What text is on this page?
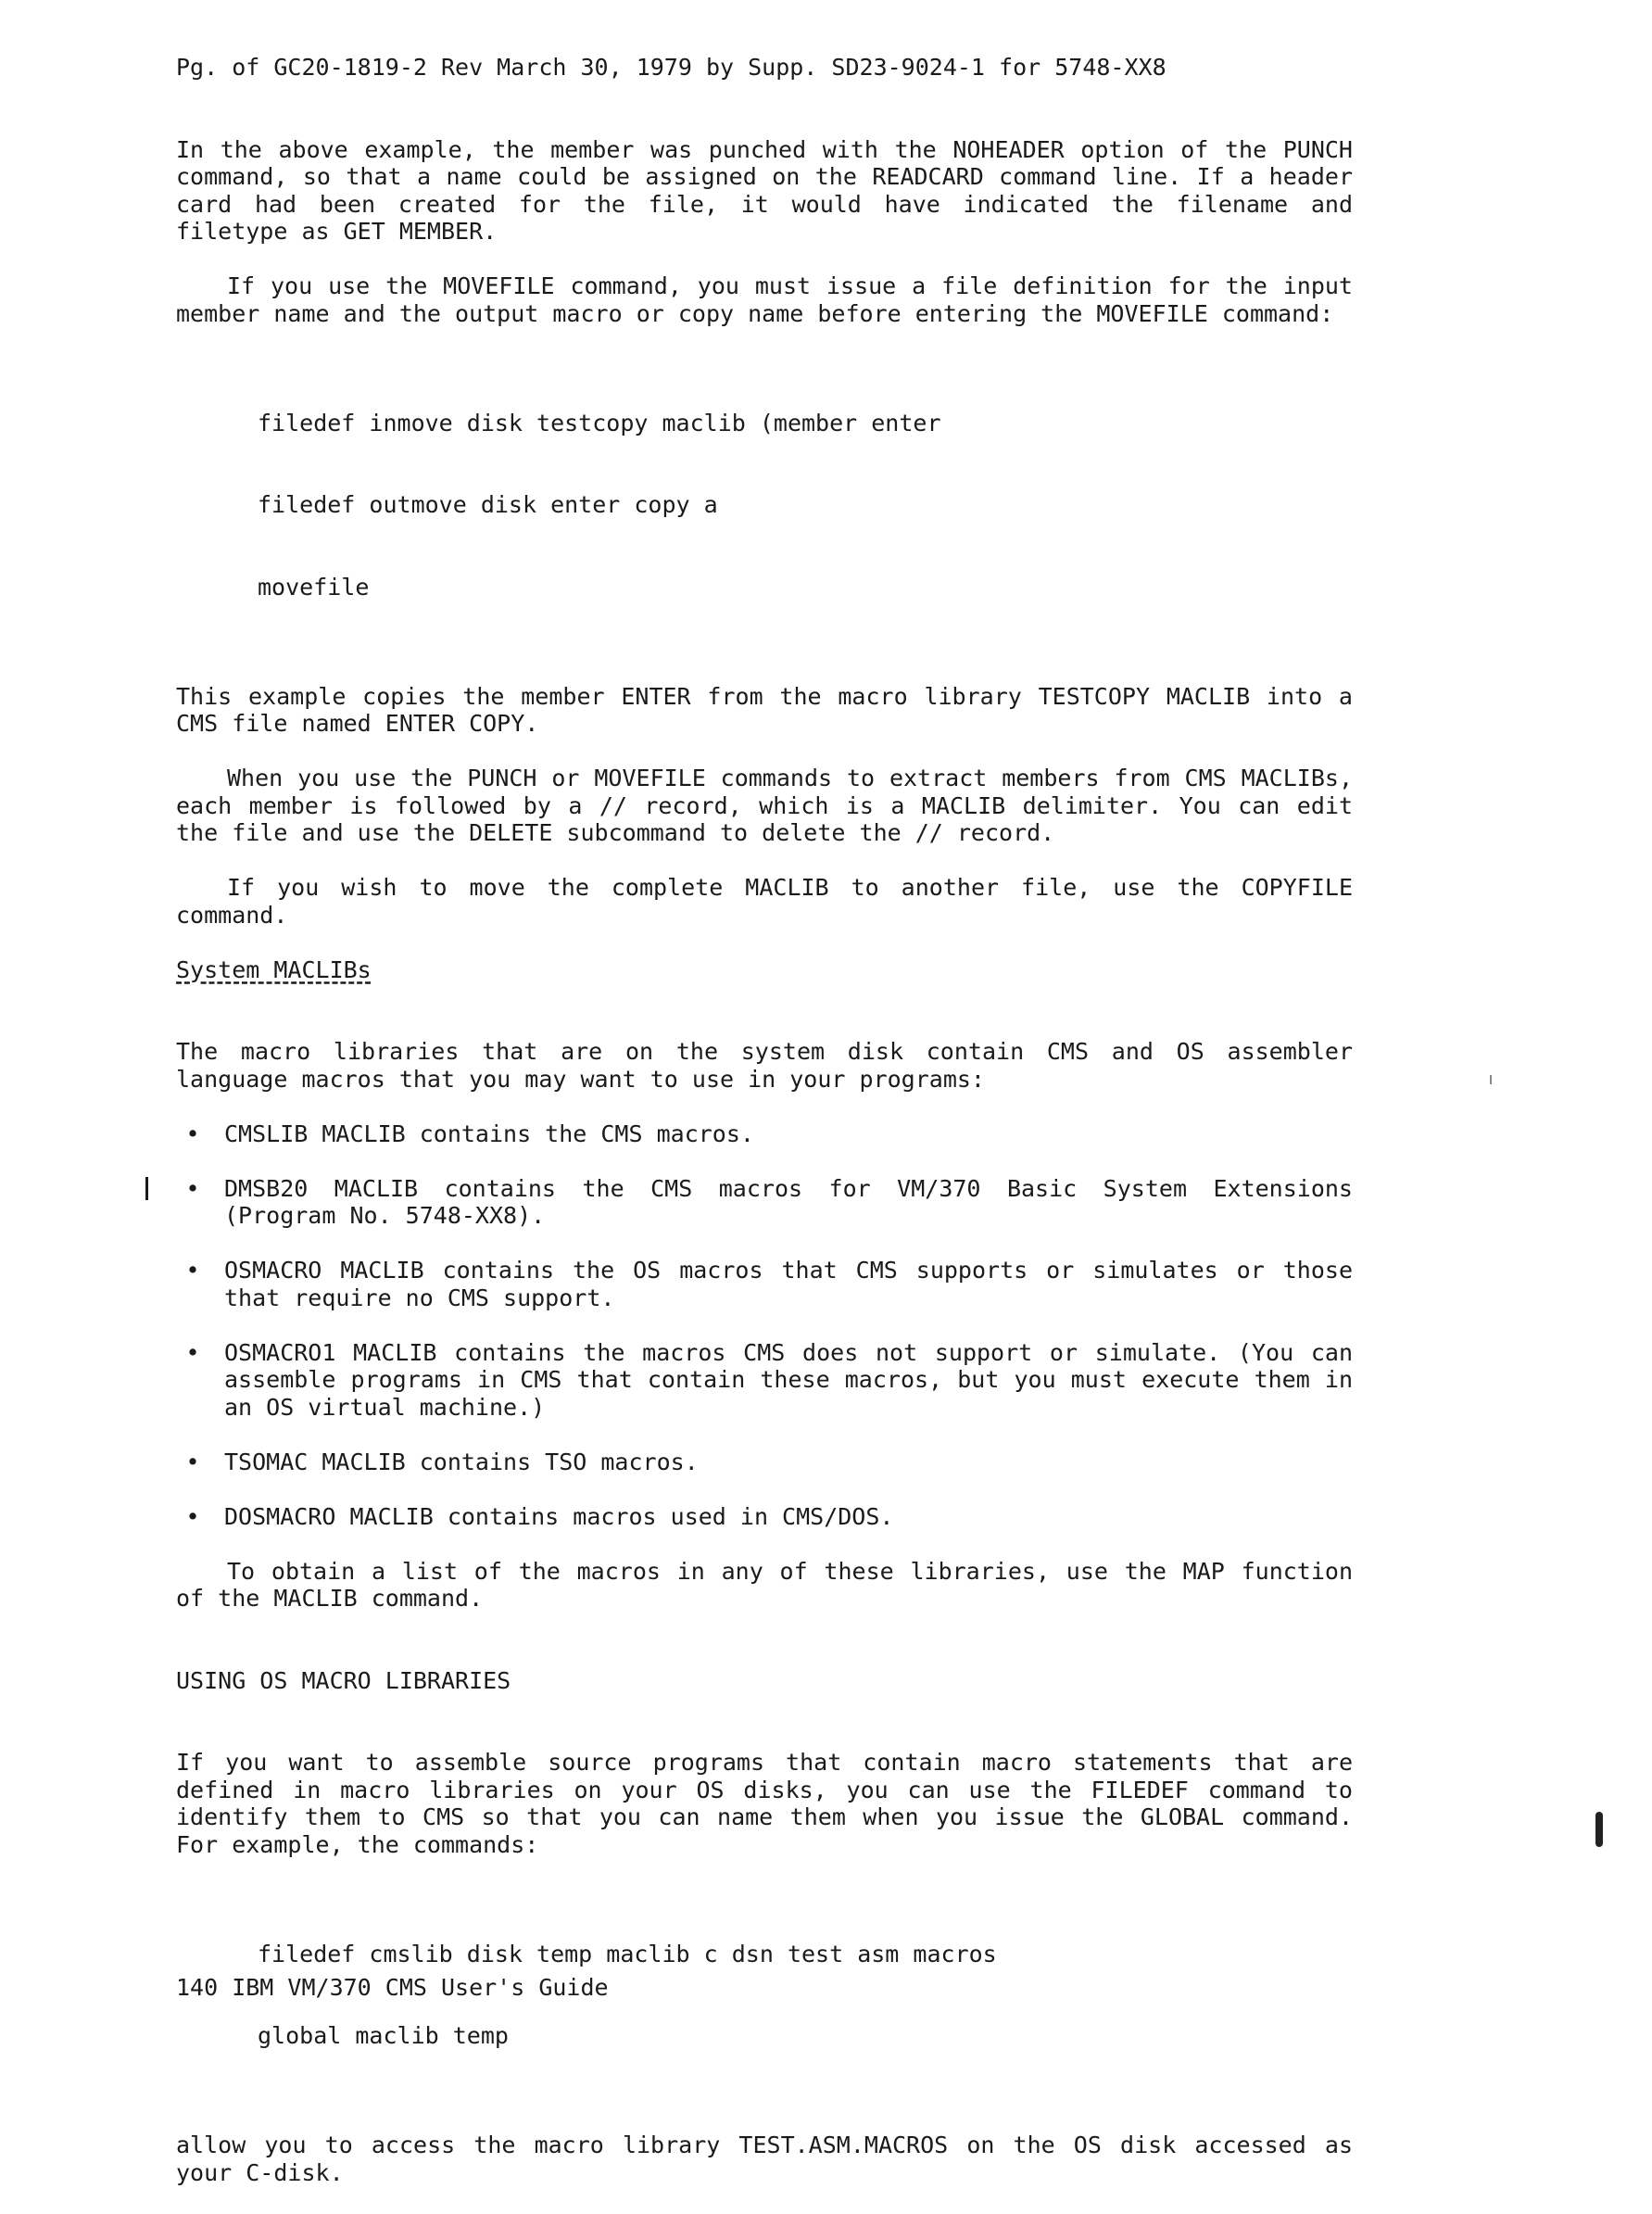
Pg. of GC20-1819-2 Rev March 30, 1979 by Supp. SD23-9024-1 for 5748-XX8

In the above example, the member was punched with the NOHEADER option of the PUNCH command, so that a name could be assigned on the READCARD command line. If a header card had been created for the file, it would have indicated the filename and filetype as GET MEMBER.

If you use the MOVEFILE command, you must issue a file definition for the input member name and the output macro or copy name before entering the MOVEFILE command:

filedef inmove disk testcopy maclib (member enter

filedef outmove disk enter copy a

movefile

This example copies the member ENTER from the macro library TESTCOPY MACLIB into a CMS file named ENTER COPY.

When you use the PUNCH or MOVEFILE commands to extract members from CMS MACLIBs, each member is followed by a // record, which is a MACLIB delimiter. You can edit the file and use the DELETE subcommand to delete the // record.

If you wish to move the complete MACLIB to another file, use the COPYFILE command.

System MACLIBs

The macro libraries that are on the system disk contain CMS and OS assembler language macros that you may want to use in your programs:

• CMSLIB MACLIB contains the CMS macros.
• DMSB20 MACLIB contains the CMS macros for VM/370 Basic System Extensions (Program No. 5748-XX8).
• OSMACRO MACLIB contains the OS macros that CMS supports or simulates or those that require no CMS support.
• OSMACRO1 MACLIB contains the macros CMS does not support or simulate. (You can assemble programs in CMS that contain these macros, but you must execute them in an OS virtual machine.)
• TSOMAC MACLIB contains TSO macros.
• DOSMACRO MACLIB contains macros used in CMS/DOS.

To obtain a list of the macros in any of these libraries, use the MAP function of the MACLIB command.

USING OS MACRO LIBRARIES

If you want to assemble source programs that contain macro statements that are defined in macro libraries on your OS disks, you can use the FILEDEF command to identify them to CMS so that you can name them when you issue the GLOBAL command. For example, the commands:

filedef cmslib disk temp maclib c dsn test asm macros

global maclib temp

allow you to access the macro library TEST.ASM.MACROS on the OS disk accessed as your C-disk.

140 IBM VM/370 CMS User's Guide
